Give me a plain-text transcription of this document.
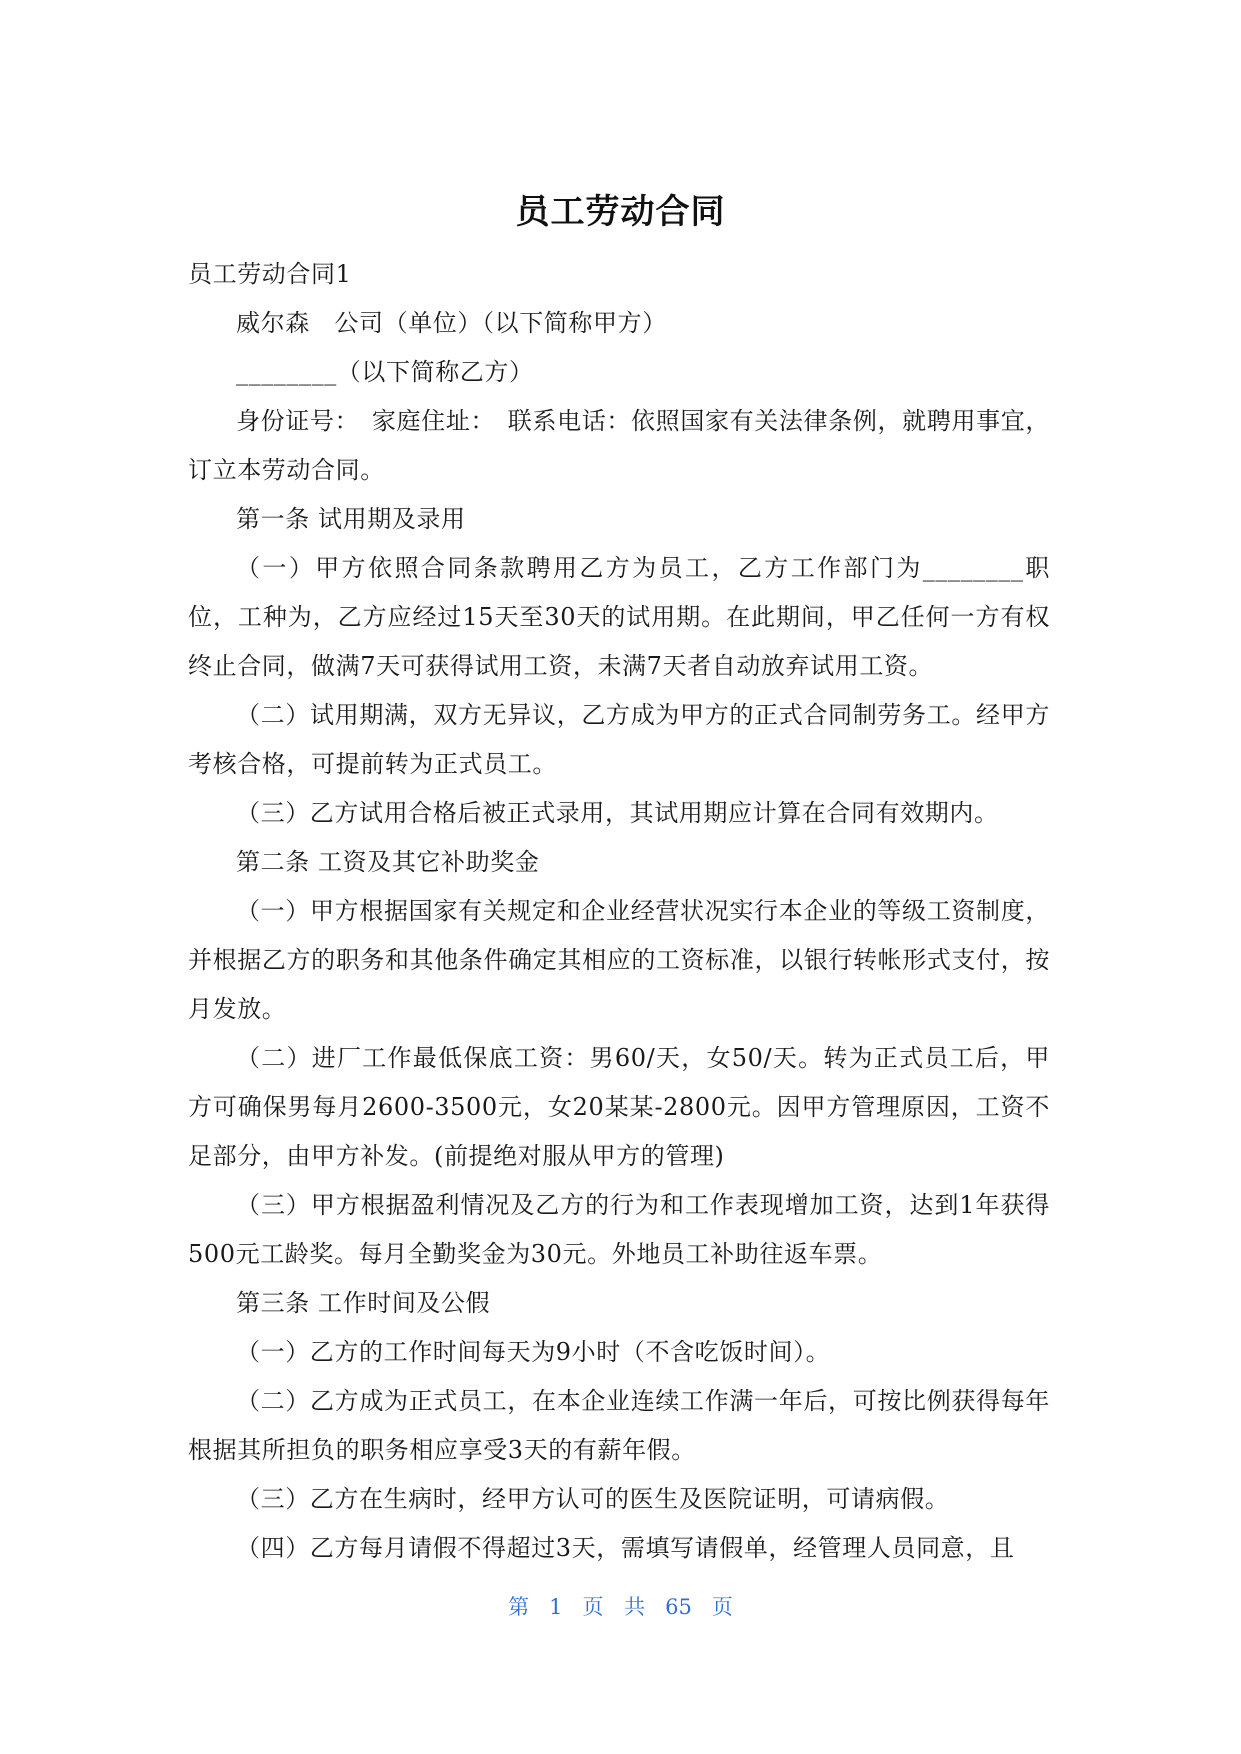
员工劳动合同

员工劳动合同1

威尔森　公司（单位）（以下简称甲方）

________（以下简称乙方）

身份证号：　家庭住址：　联系电话：依照国家有关法律条例，就聘用事宜，订立本劳动合同。

第一条 试用期及录用

（一）甲方依照合同条款聘用乙方为员工，乙方工作部门为________职位，工种为，乙方应经过15天至30天的试用期。在此期间，甲乙任何一方有权终止合同，做满7天可获得试用工资，未满7天者自动放弃试用工资。

（二）试用期满，双方无异议，乙方成为甲方的正式合同制劳务工。经甲方考核合格，可提前转为正式员工。

（三）乙方试用合格后被正式录用，其试用期应计算在合同有效期内。

第二条 工资及其它补助奖金

（一）甲方根据国家有关规定和企业经营状况实行本企业的等级工资制度，并根据乙方的职务和其他条件确定其相应的工资标准，以银行转帐形式支付，按月发放。

（二）进厂工作最低保底工资：男60/天，女50/天。转为正式员工后，甲方可确保男每月2600-3500元，女20某某-2800元。因甲方管理原因，工资不足部分，由甲方补发。(前提绝对服从甲方的管理)

（三）甲方根据盈利情况及乙方的行为和工作表现增加工资，达到1年获得500元工龄奖。每月全勤奖金为30元。外地员工补助往返车票。

第三条 工作时间及公假

（一）乙方的工作时间每天为9小时（不含吃饭时间）。

（二）乙方成为正式员工，在本企业连续工作满一年后，可按比例获得每年根据其所担负的职务相应享受3天的有薪年假。

（三）乙方在生病时，经甲方认可的医生及医院证明，可请病假。

（四）乙方每月请假不得超过3天，需填写请假单，经管理人员同意，且

第 1 页 共 65 页
